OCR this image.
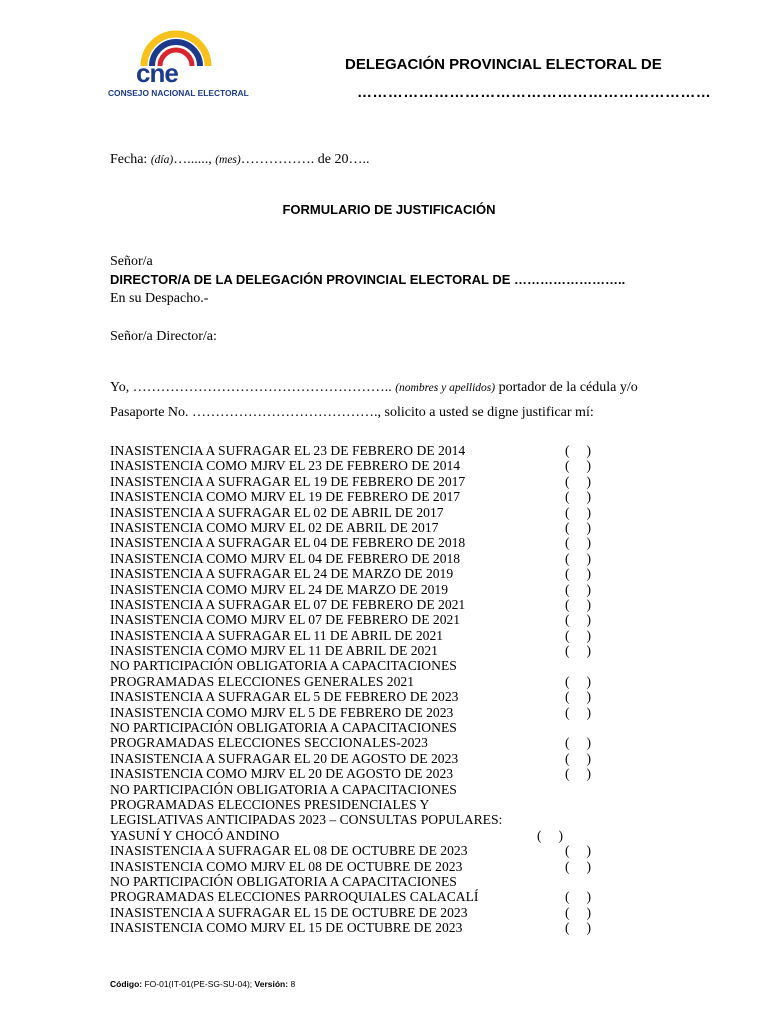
cne
CONSEJO NACIONAL ELECTORAL
DELEGACIÓN PROVINCIAL ELECTORAL DE
……………………………………………………………
Fecha: (día)…......, (mes)……………. de 20…..
FORMULARIO DE JUSTIFICACIÓN
Señor/a
DIRECTOR/A DE LA DELEGACIÓN PROVINCIAL ELECTORAL DE ……………………..
En su Despacho.-
Señor/a Director/a:
Yo, ……………………………………………….. (nombres y apellidos) portador de la cédula y/o
Pasaporte No. …………………………………., solicito a usted se digne justificar mí:
INASISTENCIA A SUFRAGAR EL 23 DE FEBRERO DE 2014	(     )
INASISTENCIA COMO MJRV EL 23 DE FEBRERO DE 2014	(     )
INASISTENCIA A SUFRAGAR EL 19 DE FEBRERO DE 2017	(     )
INASISTENCIA COMO MJRV EL 19 DE FEBRERO DE 2017	(     )
INASISTENCIA A SUFRAGAR EL 02 DE ABRIL DE 2017	(     )
INASISTENCIA COMO MJRV EL 02 DE ABRIL DE 2017	(     )
INASISTENCIA A SUFRAGAR EL 04 DE FEBRERO DE 2018	(     )
INASISTENCIA COMO MJRV EL 04 DE FEBRERO DE 2018	(     )
INASISTENCIA A SUFRAGAR EL 24 DE MARZO DE 2019	(     )
INASISTENCIA COMO MJRV EL 24 DE MARZO DE 2019	(     )
INASISTENCIA A SUFRAGAR EL 07 DE FEBRERO DE 2021	(     )
INASISTENCIA COMO MJRV EL 07 DE FEBRERO DE 2021	(     )
INASISTENCIA A SUFRAGAR EL 11 DE ABRIL DE 2021	(     )
INASISTENCIA COMO MJRV EL 11 DE ABRIL DE 2021	(     )
NO PARTICIPACIÓN OBLIGATORIA A CAPACITACIONES
PROGRAMADAS ELECCIONES GENERALES 2021	(     )
INASISTENCIA A SUFRAGAR EL 5 DE FEBRERO DE 2023	(     )
INASISTENCIA COMO MJRV EL 5 DE FEBRERO DE 2023	(     )
NO PARTICIPACIÓN OBLIGATORIA A CAPACITACIONES
PROGRAMADAS ELECCIONES SECCIONALES-2023	(     )
INASISTENCIA A SUFRAGAR EL 20 DE AGOSTO DE 2023	(     )
INASISTENCIA COMO MJRV EL 20 DE AGOSTO DE 2023	(     )
NO PARTICIPACIÓN OBLIGATORIA A CAPACITACIONES
PROGRAMADAS ELECCIONES PRESIDENCIALES Y
LEGISLATIVAS ANTICIPADAS 2023 – CONSULTAS POPULARES:
YASUNÍ Y CHOCÓ ANDINO	(     )
INASISTENCIA A SUFRAGAR EL 08 DE OCTUBRE DE 2023	(     )
INASISTENCIA COMO MJRV EL 08 DE OCTUBRE DE 2023	(     )
NO PARTICIPACIÓN OBLIGATORIA A CAPACITACIONES
PROGRAMADAS ELECCIONES PARROQUIALES CALACALÍ	(     )
INASISTENCIA A SUFRAGAR EL 15 DE OCTUBRE DE 2023	(     )
INASISTENCIA COMO MJRV EL 15 DE OCTUBRE DE 2023	(     )
Código: FO-01(IT-01(PE-SG-SU-04); Versión: 8
